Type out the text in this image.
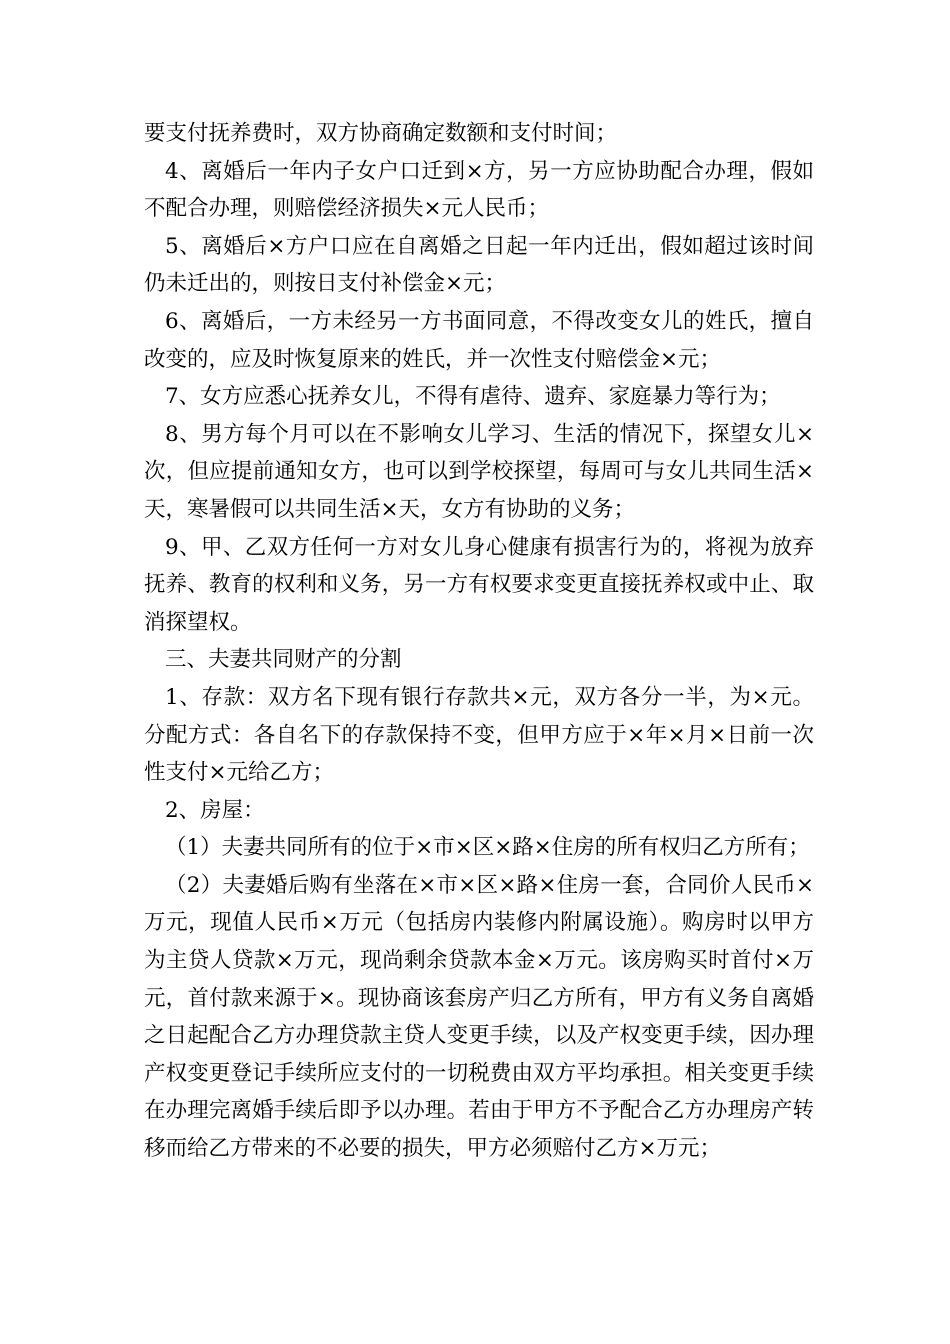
要支付抚养费时，双方协商确定数额和支付时间；

4、离婚后一年内子女户口迁到×方，另一方应协助配合办理，假如不配合办理，则赔偿经济损失×元人民币；

5、离婚后×方户口应在自离婚之日起一年内迁出，假如超过该时间仍未迁出的，则按日支付补偿金×元；

6、离婚后，一方未经另一方书面同意，不得改变女儿的姓氏，擅自改变的，应及时恢复原来的姓氏，并一次性支付赔偿金×元；

7、女方应悉心抚养女儿，不得有虐待、遗弃、家庭暴力等行为；

8、男方每个月可以在不影响女儿学习、生活的情况下，探望女儿×次，但应提前通知女方，也可以到学校探望，每周可与女儿共同生活×天，寒暑假可以共同生活×天，女方有协助的义务；

9、甲、乙双方任何一方对女儿身心健康有损害行为的，将视为放弃抚养、教育的权利和义务，另一方有权要求变更直接抚养权或中止、取消探望权。

三、夫妻共同财产的分割

1、存款：双方名下现有银行存款共×元，双方各分一半，为×元。分配方式：各自名下的存款保持不变，但甲方应于×年×月×日前一次性支付×元给乙方；

2、房屋：

（1）夫妻共同所有的位于×市×区×路×住房的所有权归乙方所有；

（2）夫妻婚后购有坐落在×市×区×路×住房一套，合同价人民币×万元，现值人民币×万元（包括房内装修内附属设施）。购房时以甲方为主贷人贷款×万元，现尚剩余贷款本金×万元。该房购买时首付×万元，首付款来源于×。现协商该套房产归乙方所有，甲方有义务自离婚之日起配合乙方办理贷款主贷人变更手续，以及产权变更手续，因办理产权变更登记手续所应支付的一切税费由双方平均承担。相关变更手续在办理完离婚手续后即予以办理。若由于甲方不予配合乙方办理房产转移而给乙方带来的不必要的损失，甲方必须赔付乙方×万元；
